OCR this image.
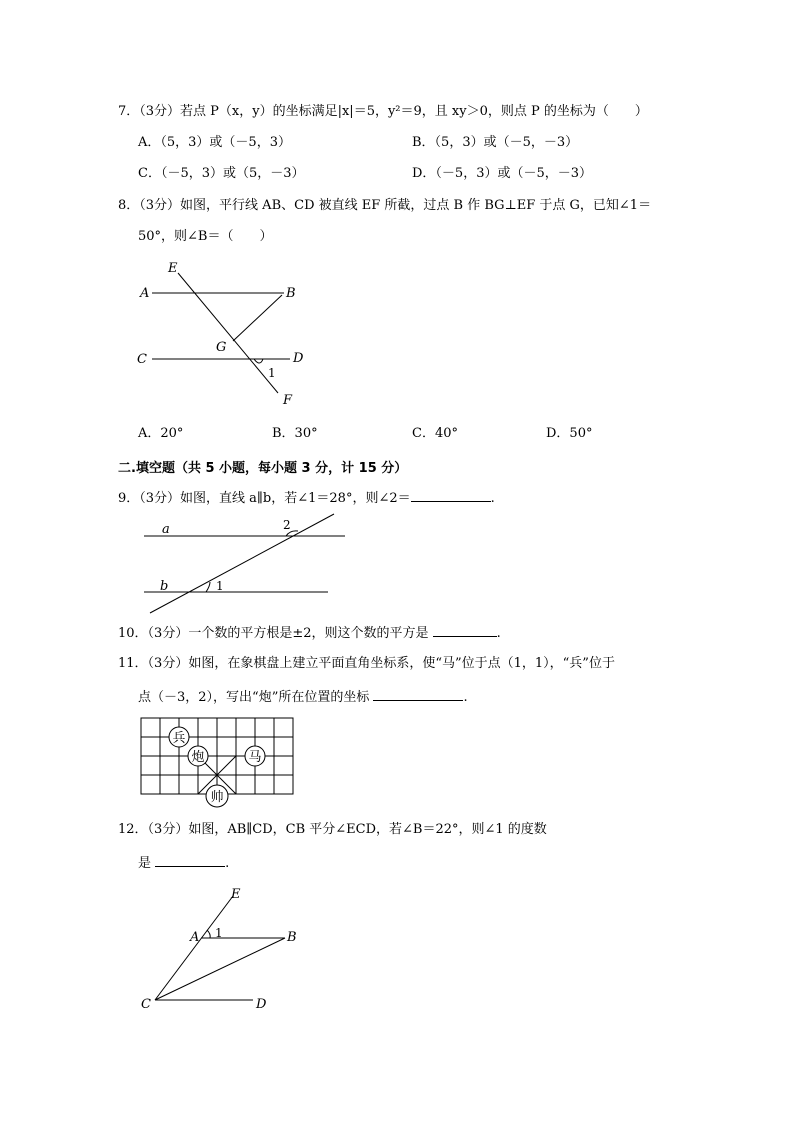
7．（3分）若点 P（x，y）的坐标满足|x|＝5，y²＝9，且 xy＞0，则点 P 的坐标为（　　）
A．（5，3）或（－5，3）	B．（5，3）或（－5，－3）
C．（－5，3）或（5，－3）	D．（－5，3）或（－5，－3）
8．（3分）如图，平行线 AB、CD 被直线 EF 所截，过点 B 作 BG⊥EF 于点 G，已知∠1＝
50°，则∠B＝（　　）
E
A	B
G
C	D
1
F
A．20°	B．30°	C．40°	D．50°
二.填空题（共 5 小题，每小题 3 分，计 15 分）
9．（3分）如图，直线 a∥b，若∠1＝28°，则∠2＝	.
a
b	1
2
10．（3分）一个数的平方根是±2，则这个数的平方是	.
11．（3分）如图，在象棋盘上建立平面直角坐标系，使“马”位于点（1，1），“兵”位于
点（－3，2），写出“炮”所在位置的坐标	.
兵
炮	马
帅
12．（3分）如图，AB∥CD，CB 平分∠ECD，若∠B＝22°，则∠1 的度数
是	.
E
A 1	B
C	D
